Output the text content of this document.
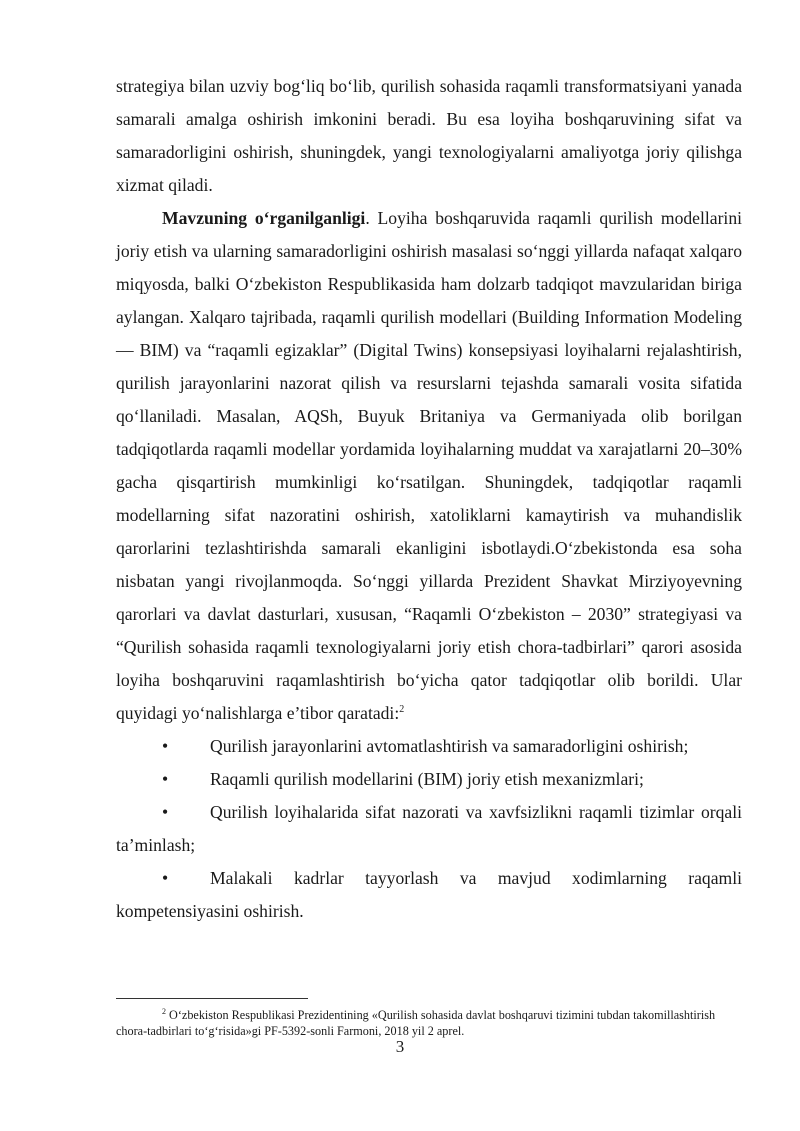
strategiya bilan uzviy bog‘liq bo‘lib, qurilish sohasida raqamli transformatsiyani yanada samarali amalga oshirish imkonini beradi. Bu esa loyiha boshqaruvining sifat va samaradorligini oshirish, shuningdek, yangi texnologiyalarni amaliyotga joriy qilishga xizmat qiladi.

Mavzuning o‘rganilganligi. Loyiha boshqaruvida raqamli qurilish modellarini joriy etish va ularning samaradorligini oshirish masalasi so‘nggi yillarda nafaqat xalqaro miqyosda, balki O‘zbekiston Respublikasida ham dolzarb tadqiqot mavzularidan biriga aylangan. Xalqaro tajribada, raqamli qurilish modellari (Building Information Modeling — BIM) va “raqamli egizaklar” (Digital Twins) konsepsiyasi loyihalarni rejalashtirish, qurilish jarayonlarini nazorat qilish va resurslarni tejashda samarali vosita sifatida qo‘llaniladi. Masalan, AQSh, Buyuk Britaniya va Germaniyada olib borilgan tadqiqotlarda raqamli modellar yordamida loyihalarning muddat va xarajatlarni 20–30% gacha qisqartirish mumkinligi ko‘rsatilgan. Shuningdek, tadqiqotlar raqamli modellarning sifat nazoratini oshirish, xatoliklarni kamaytirish va muhandislik qarorlarini tezlashtirishda samarali ekanligini isbotlaydi.O‘zbekistonda esa soha nisbatan yangi rivojlanmoqda. So‘nggi yillarda Prezident Shavkat Mirziyoyevning qarorlari va davlat dasturlari, xususan, “Raqamli O‘zbekiston – 2030” strategiyasi va “Qurilish sohasida raqamli texnologiyalarni joriy etish chora-tadbirlari” qarori asosida loyiha boshqaruvini raqamlashtirish bo‘yicha qator tadqiqotlar olib borildi. Ular quyidagi yo‘nalishlarga e’tibor qaratadi:$^2$

• Qurilish jarayonlarini avtomatlashtirish va samaradorligini oshirish;

• Raqamli qurilish modellarini (BIM) joriy etish mexanizmlari;

• Qurilish loyihalarida sifat nazorati va xavfsizlikni raqamli tizimlar orqali ta’minlash;

• Malakali kadrlar tayyorlash va mavjud xodimlarning raqamli kompetensiyasini oshirish.

$^2$ O‘zbekiston Respublikasi Prezidentining «Qurilish sohasida davlat boshqaruvi tizimini tubdan takomillashtirish chora-tadbirlari to‘g‘risida»gi PF-5392-sonli Farmoni, 2018 yil 2 aprel.
3
